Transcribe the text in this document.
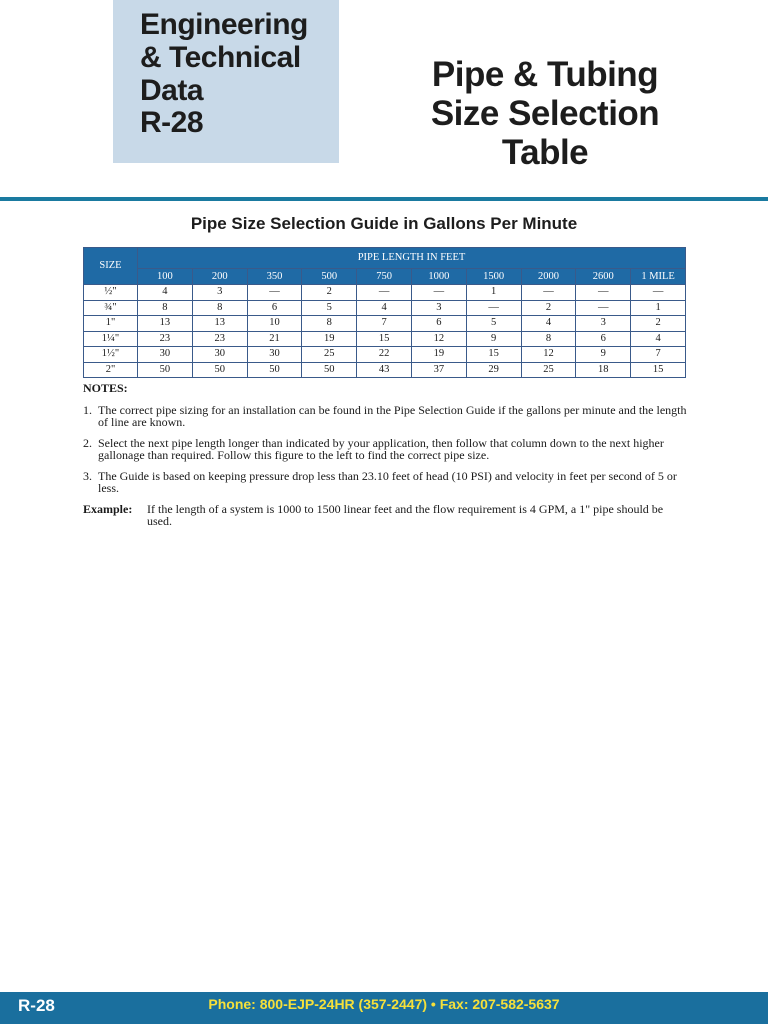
Engineering
& Technical
Data
R-28
Pipe & Tubing
Size Selection
Table
Pipe Size Selection Guide in Gallons Per Minute
SIZE	PIPE LENGTH IN FEET									
	100	200	350	500	750	1000	1500	2000	2600	1 MILE
½"	4	3	—	2	—	—	1	—	—	—
¾"	8	8	6	5	4	3	—	2	—	1
1"	13	13	10	8	7	6	5	4	3	2
1¼"	23	23	21	19	15	12	9	8	6	4
1½"	30	30	30	25	22	19	15	12	9	7
2"	50	50	50	50	43	37	29	25	18	15
NOTES:
1. The correct pipe sizing for an installation can be found in the Pipe Selection Guide if the gallons per minute and the length of line are known.
2. Select the next pipe length longer than indicated by your application, then follow that column down to the next higher gallonage than required. Follow this figure to the left to find the correct pipe size.
3. The Guide is based on keeping pressure drop less than 23.10 feet of head (10 PSI) and velocity in feet per second of 5 or less.
Example:	If the length of a system is 1000 to 1500 linear feet and the flow requirement is 4 GPM, a 1" pipe should be used.
R-28	Phone: 800-EJP-24HR (357-2447) • Fax: 207-582-5637
